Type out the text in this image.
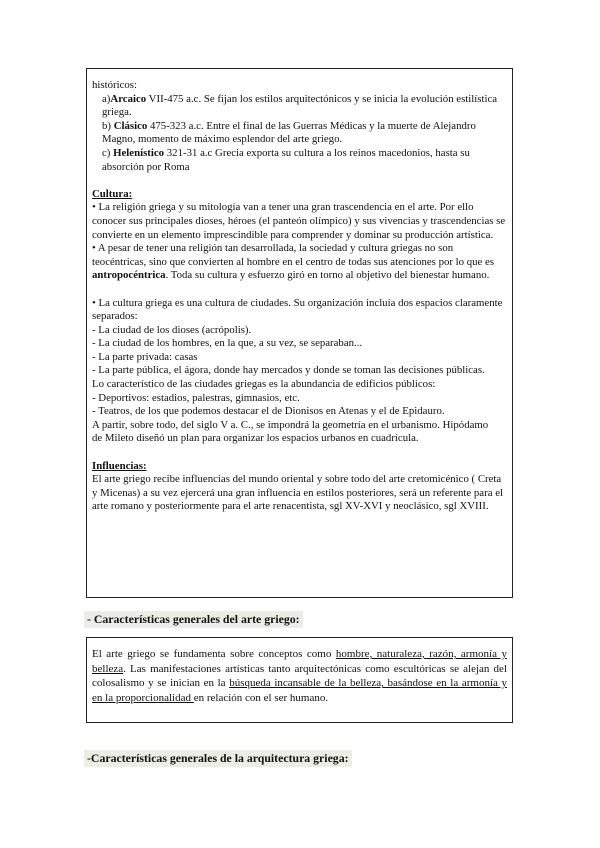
históricos:

a)Arcaico VII-475 a.c. Se fijan los estilos arquitectónicos y se inicia la evolución estilística griega.

b) Clásico 475-323 a.c. Entre el final de las Guerras Médicas y la muerte de Alejandro Magno, momento de máximo esplendor del arte griego.

c) Helenístico 321-31 a.c Grecia exporta su cultura a los reinos macedonios, hasta su absorción por Roma

Cultura:

• La religión griega y su mitología van a tener una gran trascendencia en el arte. Por ello conocer sus principales dioses, héroes (el panteón olímpico) y sus vivencias y trascendencias se convierte en un elemento imprescindible para comprender y dominar su producción artística.

• A pesar de tener una religión tan desarrollada, la sociedad y cultura griegas no son teocéntricas, sino que convierten al hombre en el centro de todas sus atenciones por lo que es antropocéntrica. Toda su cultura y esfuerzo giró en torno al objetivo del bienestar humano.

• La cultura griega es una cultura de ciudades. Su organización incluía dos espacios claramente separados:

- La ciudad de los dioses (acrópolis).

- La ciudad de los hombres, en la que, a su vez, se separaban...

- La parte privada: casas

- La parte pública, el ágora, donde hay mercados y donde se toman las decisiones públicas.

Lo característico de las ciudades griegas es la abundancia de edificios públicos:

- Deportivos: estadios, palestras, gimnasios, etc.

- Teatros, de los que podemos destacar el de Dionisos en Atenas y el de Epidauro.

A partir, sobre todo, del siglo V a. C., se impondrá la geometría en el urbanismo. Hipódamo

de Mileto diseñó un plan para organizar los espacios urbanos en cuadrícula.

Influencias:

El arte griego recibe influencias del mundo oriental y sobre todo del arte cretomicénico ( Creta y Micenas) a su vez ejercerá una gran influencia en estilos posteriores, será un referente para el arte romano y posteriormente para el arte renacentista, sgl XV-XVI y neoclásico, sgl XVIII.

- Características generales del arte griego:

El arte griego se fundamenta sobre conceptos como hombre, naturaleza, razón, armonía y belleza. Las manifestaciones artísticas tanto arquitectónicas como escultóricas se alejan del colosalismo y se inician en la búsqueda incansable de la belleza, basándose en la armonía y en la proporcionalidad en relación con el ser humano.

-Características generales de la arquitectura griega:
